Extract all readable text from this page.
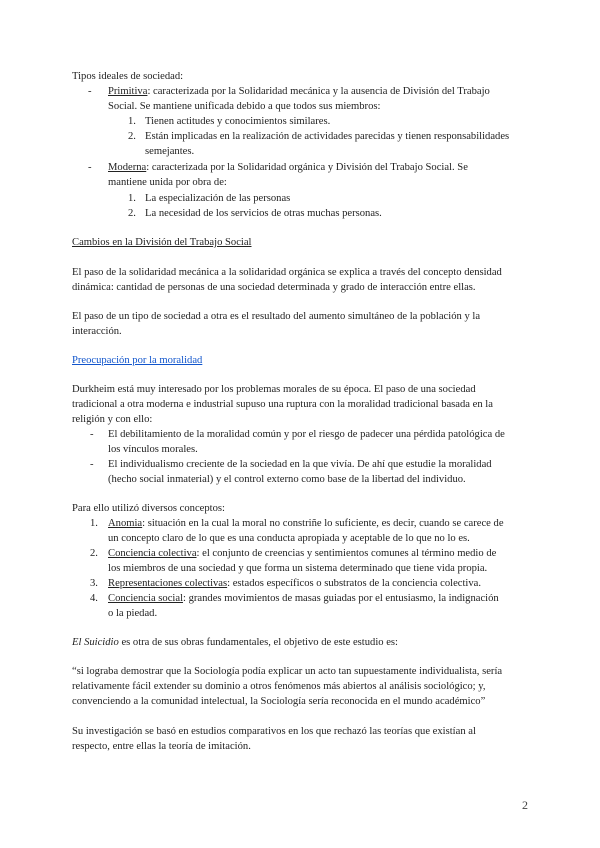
Tipos ideales de sociedad:

- Primitiva: caracterizada por la Solidaridad mecánica y la ausencia de División del Trabajo

Social. Se mantiene unificada debido a que todos sus miembros:

1. Tienen actitudes y conocimientos similares.

2. Están implicadas en la realización de actividades parecidas y tienen responsabilidades

semejantes.

- Moderna: caracterizada por la Solidaridad orgánica y División del Trabajo Social. Se

mantiene unida por obra de:

1. La especialización de las personas

2. La necesidad de los servicios de otras muchas personas.

Cambios en la División del Trabajo Social

El paso de la solidaridad mecánica a la solidaridad orgánica se explica a través del concepto densidad

dinámica: cantidad de personas de una sociedad determinada y grado de interacción entre ellas.

El paso de un tipo de sociedad a otra es el resultado del aumento simultáneo de la población y la

interacción.

Preocupación por la moralidad

Durkheim está muy interesado por los problemas morales de su época. El paso de una sociedad

tradicional a otra moderna e industrial supuso una ruptura con la moralidad tradicional basada en la

religión y con ello:

- El debilitamiento de la moralidad común y por el riesgo de padecer una pérdida patológica de

los vínculos morales.

- El individualismo creciente de la sociedad en la que vivía. De ahí que estudie la moralidad

(hecho social inmaterial) y el control externo como base de la libertad del individuo.

Para ello utilizó diversos conceptos:

1. Anomia: situación en la cual la moral no constriñe lo suficiente, es decir, cuando se carece de

un concepto claro de lo que es una conducta apropiada y aceptable de lo que no lo es.

2. Conciencia colectiva: el conjunto de creencias y sentimientos comunes al término medio de

los miembros de una sociedad y que forma un sistema determinado que tiene vida propia.

3. Representaciones colectivas: estados específicos o substratos de la conciencia colectiva.

4. Conciencia social: grandes movimientos de masas guiadas por el entusiasmo, la indignación

o la piedad.

El Suicidio es otra de sus obras fundamentales, el objetivo de este estudio es:

“si lograba demostrar que la Sociología podía explicar un acto tan supuestamente individualista, sería

relativamente fácil extender su dominio a otros fenómenos más abiertos al análisis sociológico; y,

convenciendo a la comunidad intelectual, la Sociología sería reconocida en el mundo académico”

Su investigación se basó en estudios comparativos en los que rechazó las teorías que existían al

respecto, entre ellas la teoría de imitación.

2
